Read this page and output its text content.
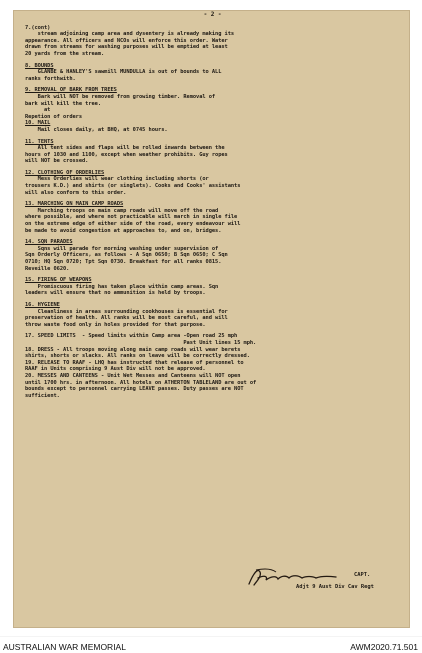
- 2 -
7.(cont)
stream adjoining camp area and dysentery is already making its
appearance. All officers and NCOs will enforce this order. Water
drawn from streams for washing purposes will be emptied at least
20 yards from the stream.
8. BOUNDS
GLANBE & HANLEY'S sawmill MUNDULLA is out of bounds to ALL
ranks forthwith.
9. REMOVAL OF BARK FROM TREES
Bark will NOT be removed from growing timber. Removal of
bark will kill the tree.
at
Repetion of orders
10. MAIL
Mail closes daily, at BHQ, at 0745 hours.
11. TENTS
All tent sides and flaps will be rolled inwards between the
hours of 1030 and 1100, except when weather prohibits. Guy ropes
will NOT be crossed.
12. CLOTHING OF ORDERLIES
Mess Orderlies will wear clothing including shorts (or
trousers K.D.) and shirts (or singlets). Cooks and Cooks' assistants
will also conform to this order.
13. MARCHING ON MAIN CAMP ROADS
Marching troops on main camp roads will move off the road
where possible, and where not practicable will march in single file
on the extreme edge of either side of the road, every endeavour will
be made to avoid congestion at approaches to, and on, bridges.
14. SQN PARADES
Sqns will parade for morning washing under supervision of
Sqn Orderly Officers, as follows - A Sqn 0650; B Sqn 0650; C Sqn
0710; HQ Sqn 0720; Tpt Sqn 0730. Breakfast for all ranks 0815.
Reveille 0620.
15. FIRING OF WEAPONS
Promiscuous firing has taken place within camp areas. Sqn
leaders will ensure that no ammunition is held by troops.
16. HYGIENE
Cleanliness in areas surrounding cookhouses is essential for
preservation of health. All ranks will be most careful, and will
throw waste food only in holes provided for that purpose.
17. SPEED LIMITS  - Speed limits within Camp area -Open road 25 mph
Past Unit lines 15 mph.
18. DRESS - All troops moving along main camp roads will wear berets
shirts, shorts or slacks. All ranks on leave will be correctly dressed.
19. RELEASE TO RAAF - LHQ has instructed that release of personnel to
RAAF in Units comprising 9 Aust Div will not be approved.
20. MESSES AND CANTEENS - Unit Wet Messes and Canteens will NOT open
until 1700 hrs. in afternoon. All hotels on ATHERTON TABLELAND are out of
bounds except to personnel carrying LEAVE passes. Duty passes are NOT
sufficient.
CAPT.
Adjt 9 Aust Div Cav Regt
AUSTRALIAN WAR MEMORIAL	AWM2020.71.501
